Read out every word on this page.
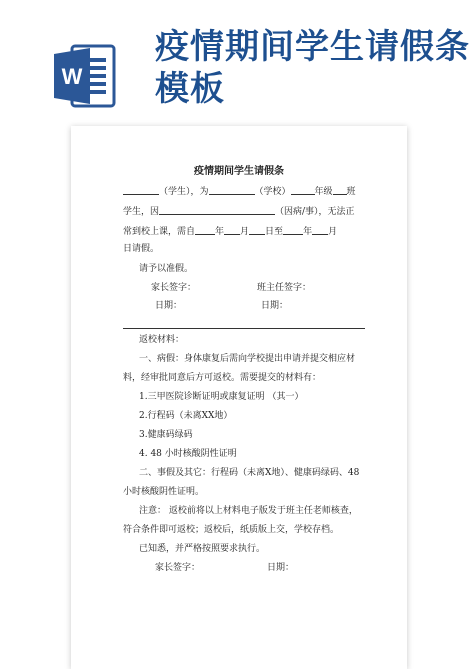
W
疫情期间学生请假条模板
疫情期间学生请假条
（学生），为	（学校）	年级 班
学生，因	（因病/事），无法正
常到校上课，需自 年 月 日至 年 月
日请假。
请予以准假。
家长签字：	班主任签字：
日期：	日期：
返校材料：
一、病假：身体康复后需向学校提出申请并提交相应材
料，经审批同意后方可返校。需要提交的材料有：
1.三甲医院诊断证明或康复证明 （其一）
2.行程码（未离XX地）
3.健康码绿码
4. 48 小时核酸阴性证明
二、事假及其它：行程码（未离X地）、健康码绿码、48
小时核酸阴性证明。
注意： 返校前将以上材料电子版发于班主任老师核查，
符合条件即可返校；返校后，纸质版上交，学校存档。
已知悉，并严格按照要求执行。
家长签字：	日期：
